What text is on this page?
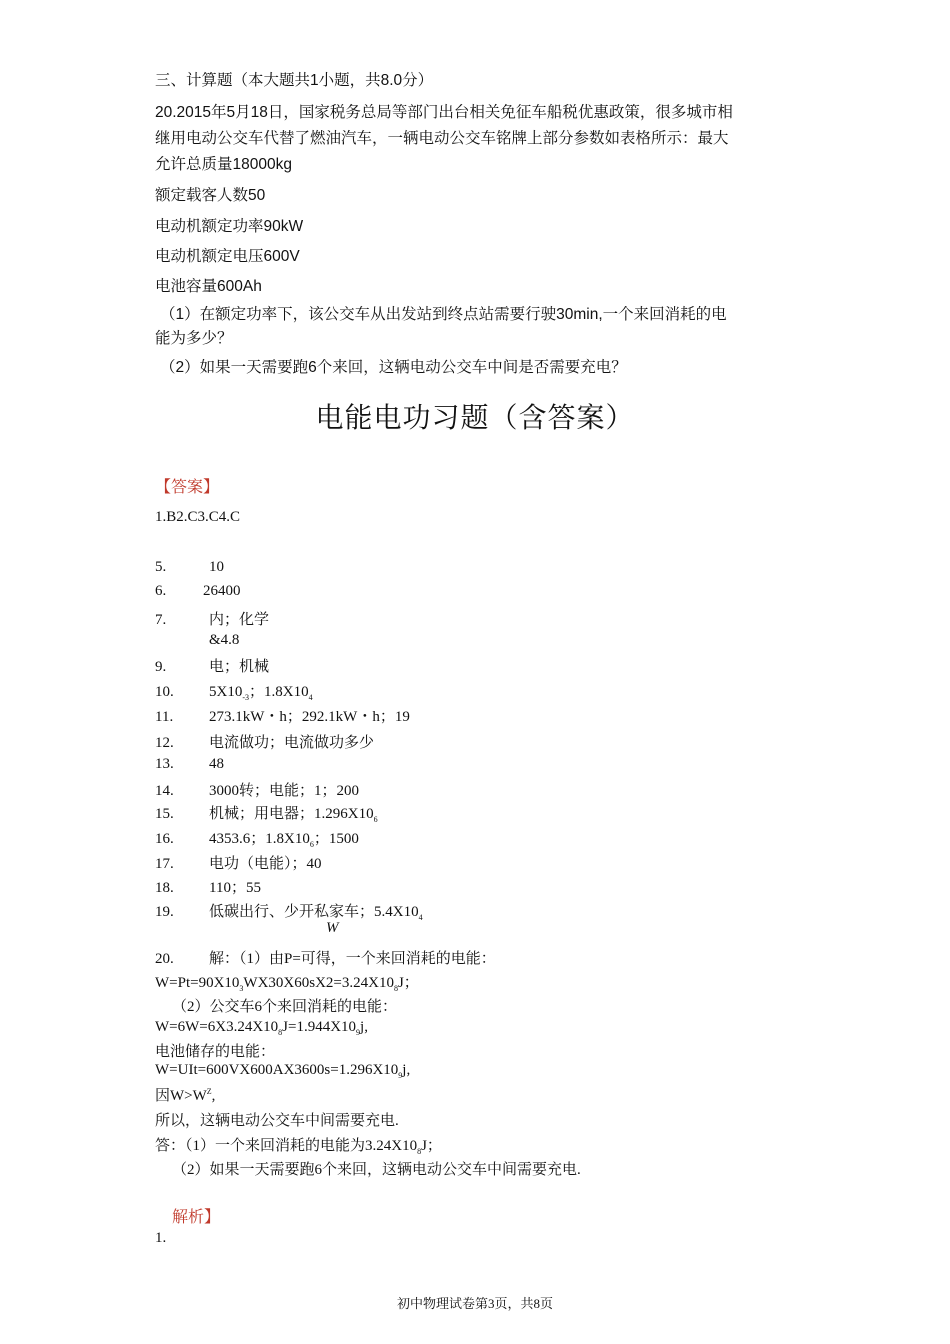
三、计算题（本大题共1小题，共8.0分）
20.2015年5月18日，国家税务总局等部门出台相关免征车船税优惠政策，很多城市相
继用电动公交车代替了燃油汽车，一辆电动公交车铭牌上部分参数如表格所示：最大
允许总质量18000kg
额定载客人数50
电动机额定功率90kW
电动机额定电压600V
电池容量600Ah
（1）在额定功率下，该公交车从出发站到终点站需要行驶30min,一个来回消耗的电
能为多少？
（2）如果一天需要跑6个来回，这辆电动公交车中间是否需要充电？
电能电功习题（含答案）
【答案】
1.B2.C3.C4.C
5.	10
6. 26400
7.	内；化学
&4.8
9.	电；机械
10. $5X10_{-3}$；$1.8X10_4$
11. 273.1kW・h；292.1kW・h；19
12. 电流做功；电流做功多少
13. 48
14. 3000转；电能；1；200
15. 机械；用电器；$1.296X10_6$
16. 4353.6；$1.8X10_6$；1500
17. 电功（电能）；40
18. 110；55
19. 低碳出行、少开私家车；$5.4X10_4$
W
20. 解：（1）由P=可得，一个来回消耗的电能：
$W=Pt=90X10_3WX30X60sX2=3.24X10_8J$；
（2）公交车6个来回消耗的电能：
$W=6W=6X3.24X10_8J=1.944X10_9j$,
电池储存的电能：
$W=UIt=600VX600AX3600s=1.296X10_9j$,
因$W>W^Z$,
所以，这辆电动公交车中间需要充电.
答：（1）一个来回消耗的电能为$3.24X10_8J$；
（2）如果一天需要跑6个来回，这辆电动公交车中间需要充电.
解析】
1.
初中物理试卷第3页，共8页
